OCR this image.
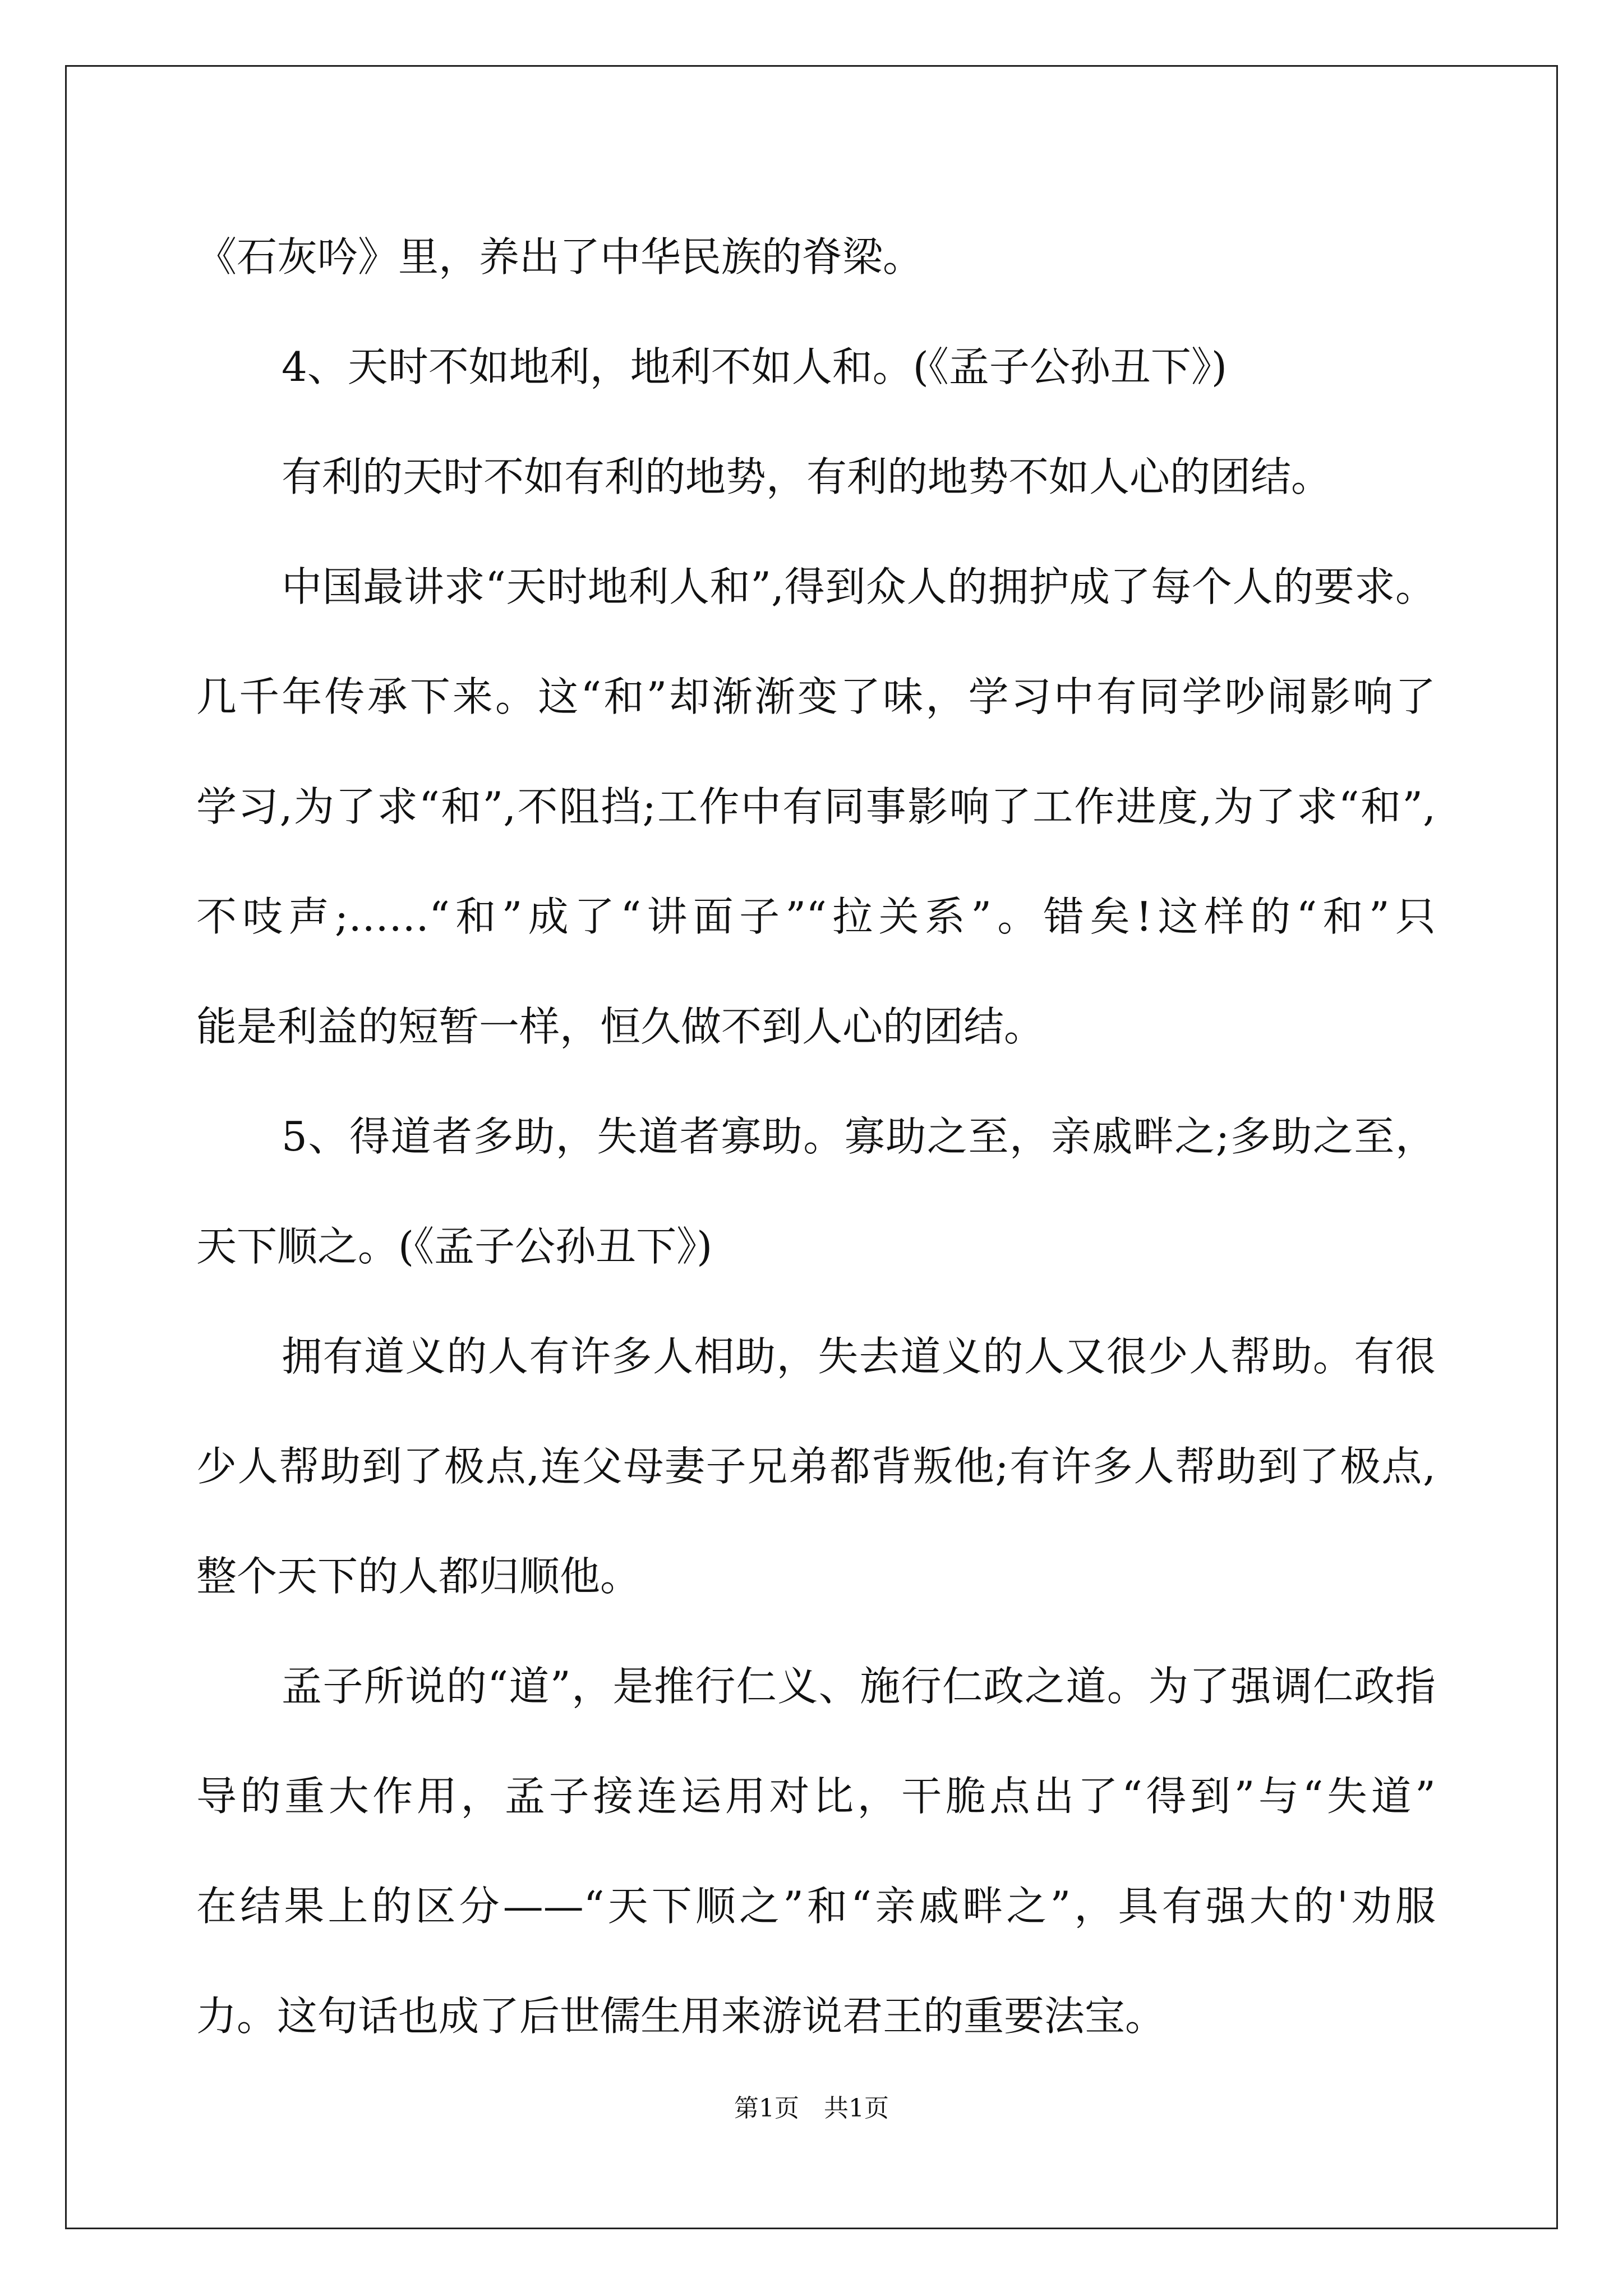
《石灰吟》里，养出了中华民族的脊梁。
4、天时不如地利，地利不如人和。(《孟子公孙丑下》)
有利的天时不如有利的地势，有利的地势不如人心的团结。
中国最讲求“天时地利人和”,得到众人的拥护成了每个人的要求。
几千年传承下来。这“和”却渐渐变了味，学习中有同学吵闹影响了
学习,为了求“和”,不阻挡;工作中有同事影响了工作进度,为了求“和”,
不吱声;……“和”成了“讲面子”“拉关系”。错矣!这样的“和”只
能是利益的短暂一样，恒久做不到人心的团结。
5、得道者多助，失道者寡助。寡助之至，亲戚畔之;多助之至，
天下顺之。(《孟子公孙丑下》)
拥有道义的人有许多人相助，失去道义的人又很少人帮助。有很
少人帮助到了极点,连父母妻子兄弟都背叛他;有许多人帮助到了极点,
整个天下的人都归顺他。
孟子所说的“道”，是推行仁义、施行仁政之道。为了强调仁政指
导的重大作用，孟子接连运用对比，干脆点出了“得到”与“失道”
在结果上的区分——“天下顺之”和“亲戚畔之”，具有强大的'劝服
力。这句话也成了后世儒生用来游说君王的重要法宝。
第1页　共1页
